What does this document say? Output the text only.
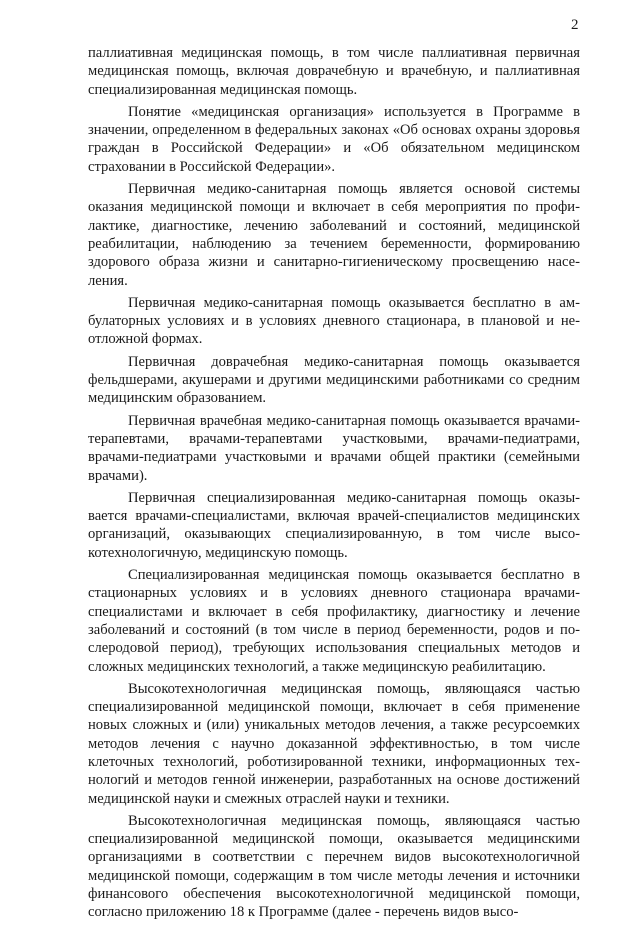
2

паллиативная медицинская помощь, в том числе паллиативная первичная медицинская помощь, включая доврачебную и врачебную, и паллиативная специализированная медицинская помощь.

Понятие «медицинская организация» используется в Программе в значении, определенном в федеральных законах «Об основах охраны здоровья граждан в Российской Федерации» и «Об обязательном медицинском страховании в Российской Федерации».

Первичная медико-санитарная помощь является основой системы оказания медицинской помощи и включает в себя мероприятия по профилактике, диагностике, лечению заболеваний и состояний, медицинской реабилитации, наблюдению за течением беременности, формированию здорового образа жизни и санитарно-гигиеническому просвещению населения.

Первичная медико-санитарная помощь оказывается бесплатно в амбулаторных условиях и в условиях дневного стационара, в плановой и неотложной формах.

Первичная доврачебная медико-санитарная помощь оказывается фельдшерами, акушерами и другими медицинскими работниками со средним медицинским образованием.

Первичная врачебная медико-санитарная помощь оказывается врачами-терапевтами, врачами-терапевтами участковыми, врачами-педиатрами, врачами-педиатрами участковыми и врачами общей практики (семейными врачами).

Первичная специализированная медико-санитарная помощь оказывается врачами-специалистами, включая врачей-специалистов медицинских организаций, оказывающих специализированную, в том числе высокотехнологичную, медицинскую помощь.

Специализированная медицинская помощь оказывается бесплатно в стационарных условиях и в условиях дневного стационара врачами-специалистами и включает в себя профилактику, диагностику и лечение заболеваний и состояний (в том числе в период беременности, родов и послеродовой период), требующих использования специальных методов и сложных медицинских технологий, а также медицинскую реабилитацию.

Высокотехнологичная медицинская помощь, являющаяся частью специализированной медицинской помощи, включает в себя применение новых сложных и (или) уникальных методов лечения, а также ресурсоемких методов лечения с научно доказанной эффективностью, в том числе клеточных технологий, роботизированной техники, информационных технологий и методов генной инженерии, разработанных на основе достижений медицинской науки и смежных отраслей науки и техники.

Высокотехнологичная медицинская помощь, являющаяся частью специализированной медицинской помощи, оказывается медицинскими организациями в соответствии с перечнем видов высокотехнологичной медицинской помощи, содержащим в том числе методы лечения и источники финансового обеспечения высокотехнологичной медицинской помощи, согласно приложению 18 к Программе (далее - перечень видов высо-
